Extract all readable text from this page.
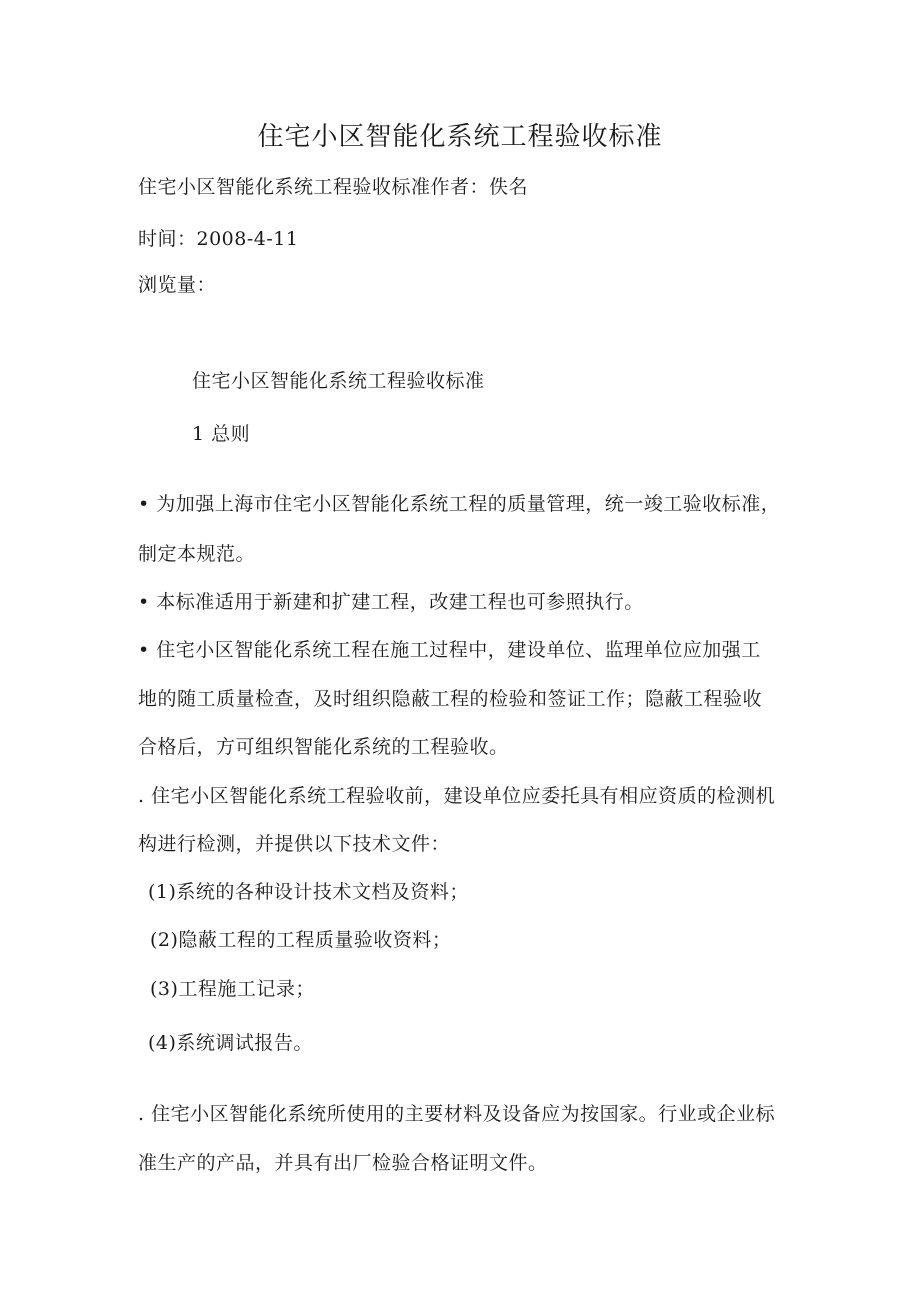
住宅小区智能化系统工程验收标准
住宅小区智能化系统工程验收标准作者：佚名
时间：2008-4-11
浏览量：
住宅小区智能化系统工程验收标准
1 总则
• 为加强上海市住宅小区智能化系统工程的质量管理，统一竣工验收标准，
制定本规范。
• 本标准适用于新建和扩建工程，改建工程也可参照执行。
• 住宅小区智能化系统工程在施工过程中，建设单位、监理单位应加强工
地的随工质量检查，及时组织隐蔽工程的检验和签证工作；隐蔽工程验收
合格后，方可组织智能化系统的工程验收。
. 住宅小区智能化系统工程验收前，建设单位应委托具有相应资质的检测机
构进行检测，并提供以下技术文件：
(1)系统的各种设计技术文档及资料；
(2)隐蔽工程的工程质量验收资料；
(3)工程施工记录；
(4)系统调试报告。
. 住宅小区智能化系统所使用的主要材料及设备应为按国家。行业或企业标
准生产的产品，并具有出厂检验合格证明文件。
